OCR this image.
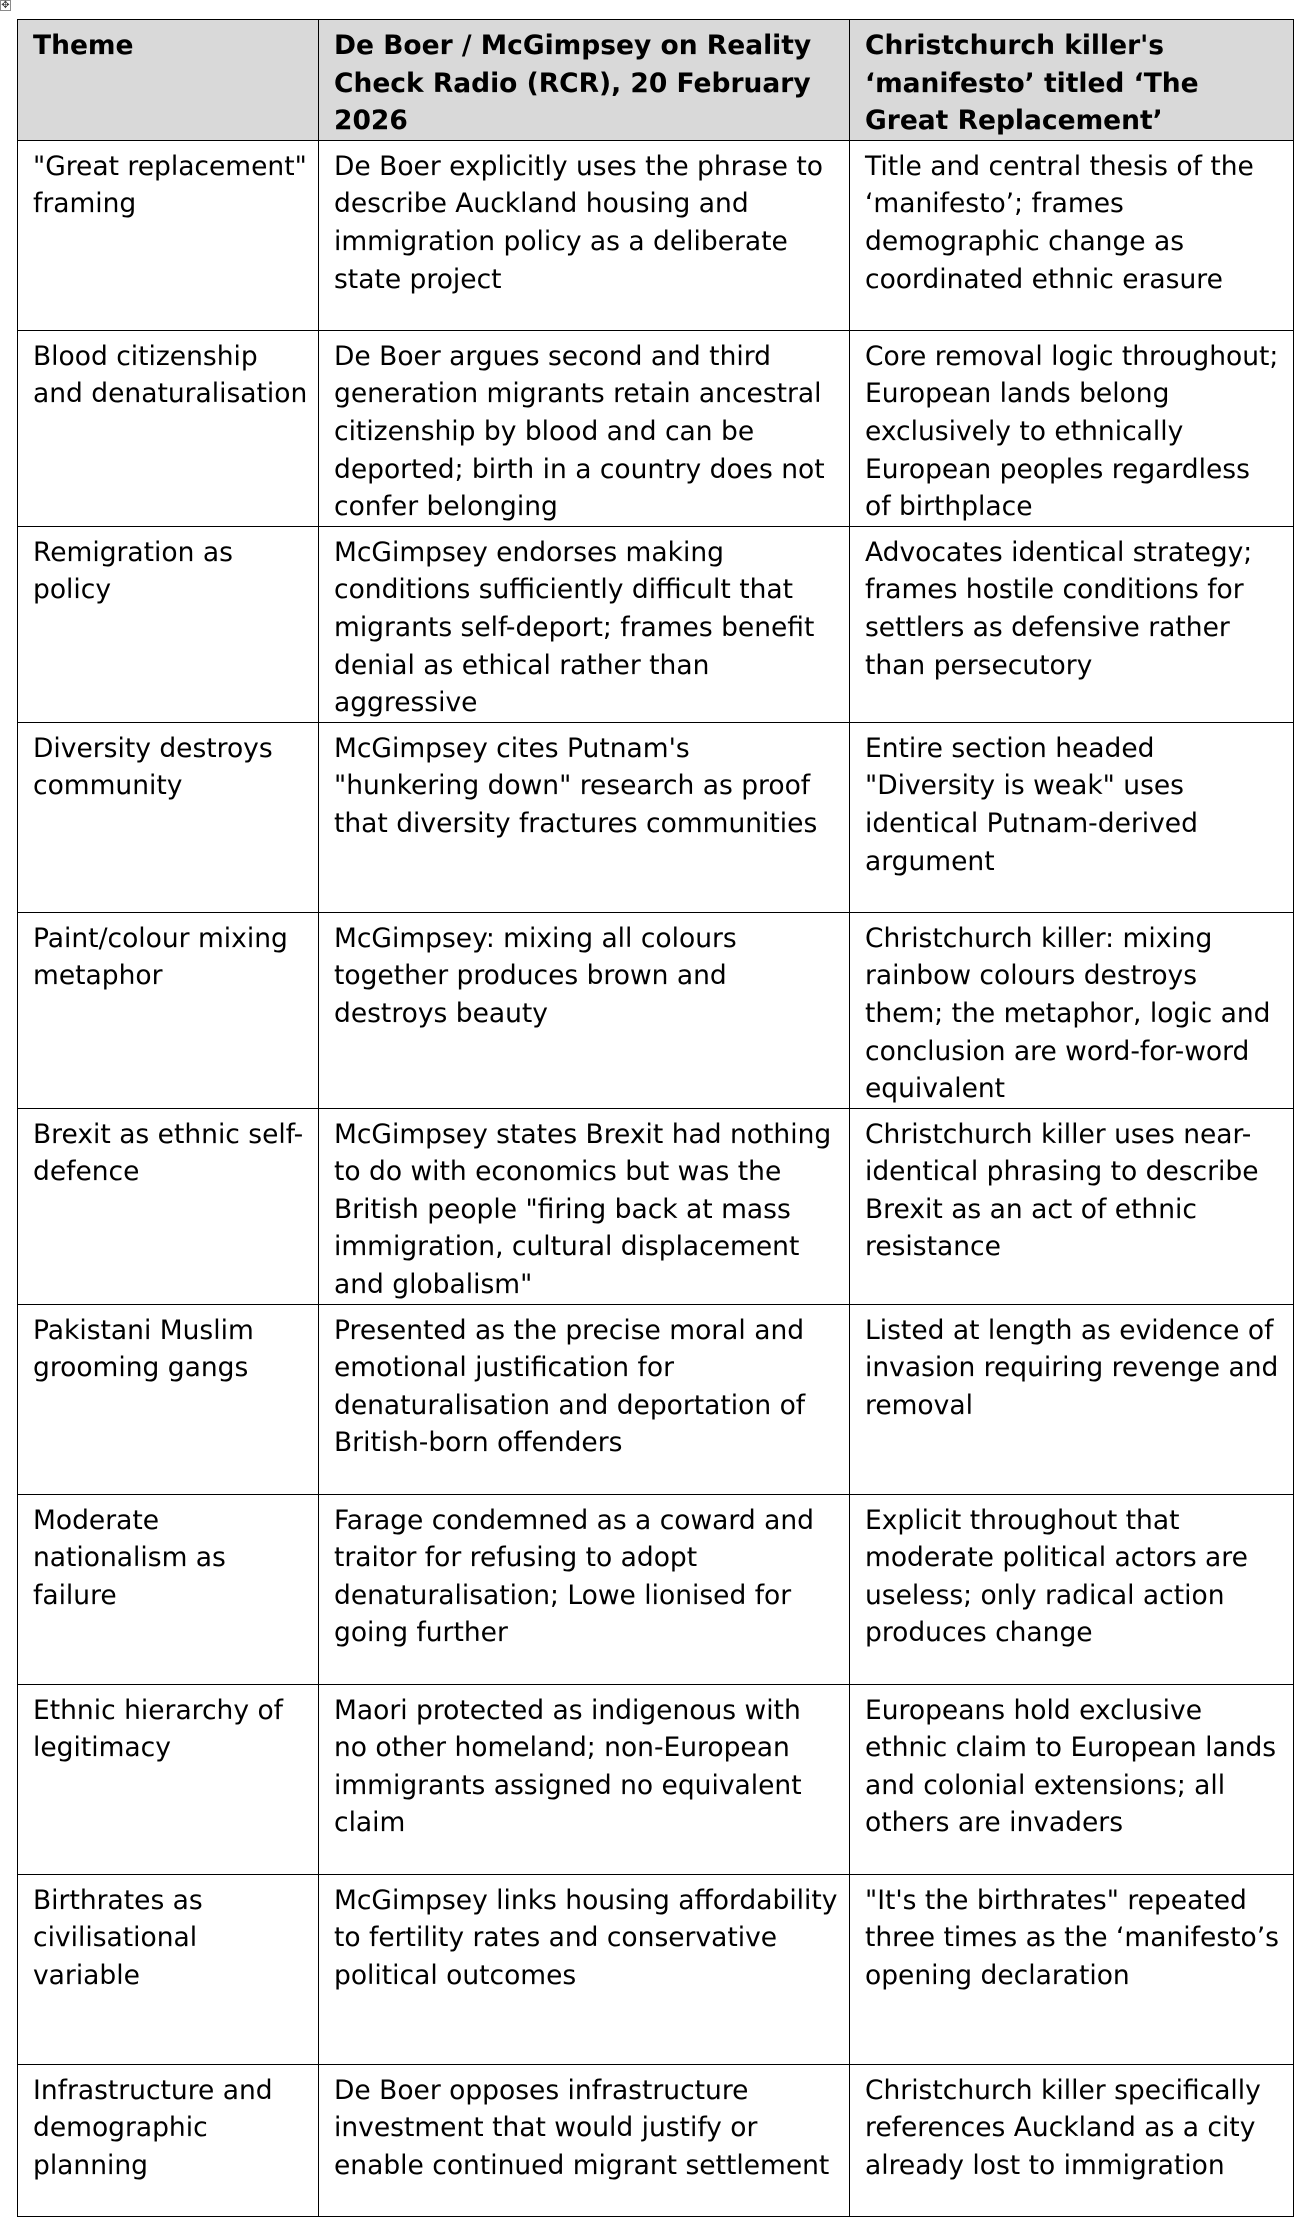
✥
Theme	De Boer / McGimpsey on Reality Check Radio (RCR), 20 February 2026	Christchurch killer's ‘manifesto’ titled ‘The Great Replacement’
"Great replacement" framing	De Boer explicitly uses the phrase to describe Auckland housing and immigration policy as a deliberate state project	Title and central thesis of the ‘manifesto’; frames demographic change as coordinated ethnic erasure
Blood citizenship and denaturalisation	De Boer argues second and third generation migrants retain ancestral citizenship by blood and can be deported; birth in a country does not confer belonging	Core removal logic throughout; European lands belong exclusively to ethnically European peoples regardless of birthplace
Remigration as policy	McGimpsey endorses making conditions sufficiently difficult that migrants self-deport; frames benefit denial as ethical rather than aggressive	Advocates identical strategy; frames hostile conditions for settlers as defensive rather than persecutory
Diversity destroys community	McGimpsey cites Putnam's "hunkering down" research as proof that diversity fractures communities	Entire section headed "Diversity is weak" uses identical Putnam-derived argument
Paint/colour mixing metaphor	McGimpsey: mixing all colours together produces brown and destroys beauty	Christchurch killer: mixing rainbow colours destroys them; the metaphor, logic and conclusion are word-for-word equivalent
Brexit as ethnic self-defence	McGimpsey states Brexit had nothing to do with economics but was the British people "firing back at mass immigration, cultural displacement and globalism"	Christchurch killer uses near-identical phrasing to describe Brexit as an act of ethnic resistance
Pakistani Muslim grooming gangs	Presented as the precise moral and emotional justification for denaturalisation and deportation of British-born offenders	Listed at length as evidence of invasion requiring revenge and removal
Moderate nationalism as failure	Farage condemned as a coward and traitor for refusing to adopt denaturalisation; Lowe lionised for going further	Explicit throughout that moderate political actors are useless; only radical action produces change
Ethnic hierarchy of legitimacy	Maori protected as indigenous with no other homeland; non-European immigrants assigned no equivalent claim	Europeans hold exclusive ethnic claim to European lands and colonial extensions; all others are invaders
Birthrates as civilisational variable	McGimpsey links housing affordability to fertility rates and conservative political outcomes	"It's the birthrates" repeated three times as the ‘manifesto’s opening declaration
Infrastructure and demographic planning	De Boer opposes infrastructure investment that would justify or enable continued migrant settlement	Christchurch killer specifically references Auckland as a city already lost to immigration
